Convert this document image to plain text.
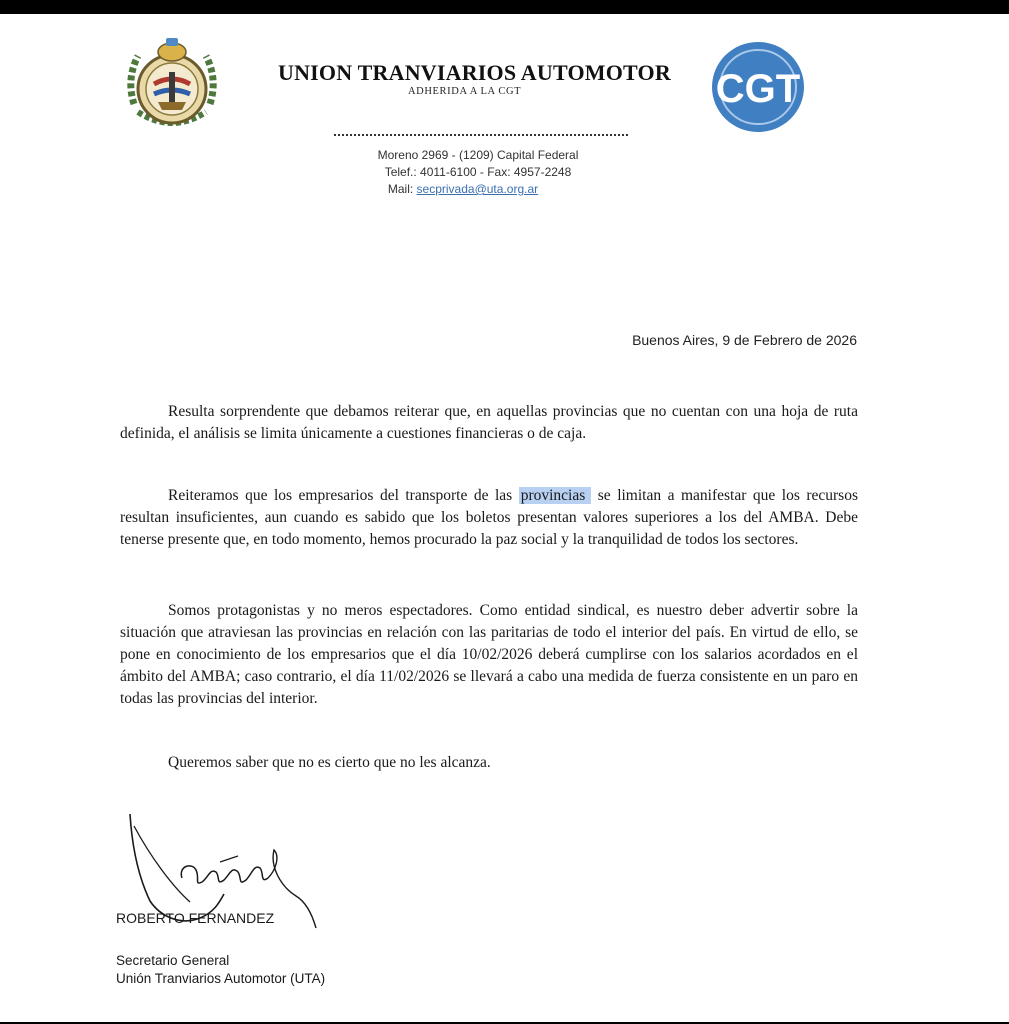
UNION TRANVIARIOS AUTOMOTOR
ADHERIDA A LA CGT	CGT
Moreno 2969 - (1209) Capital Federal
Telef.: 4011-6100 - Fax: 4957-2248
Mail: secprivada@uta.org.ar
Buenos Aires, 9 de Febrero de 2026

Resulta sorprendente que debamos reiterar que, en aquellas provincias que no cuentan con una hoja de ruta definida, el análisis se limita únicamente a cuestiones financieras o de caja.

Reiteramos que los empresarios del transporte de las provincias se limitan a manifestar que los recursos resultan insuficientes, aun cuando es sabido que los boletos presentan valores superiores a los del AMBA. Debe tenerse presente que, en todo momento, hemos procurado la paz social y la tranquilidad de todos los sectores.

Somos protagonistas y no meros espectadores. Como entidad sindical, es nuestro deber advertir sobre la situación que atraviesan las provincias en relación con las paritarias de todo el interior del país. En virtud de ello, se pone en conocimiento de los empresarios que el día 10/02/2026 deberá cumplirse con los salarios acordados en el ámbito del AMBA; caso contrario, el día 11/02/2026 se llevará a cabo una medida de fuerza consistente en un paro en todas las provincias del interior.

Queremos saber que no es cierto que no les alcanza.

ROBERTO FERNANDEZ
Secretario General
Unión Tranviarios Automotor (UTA)
